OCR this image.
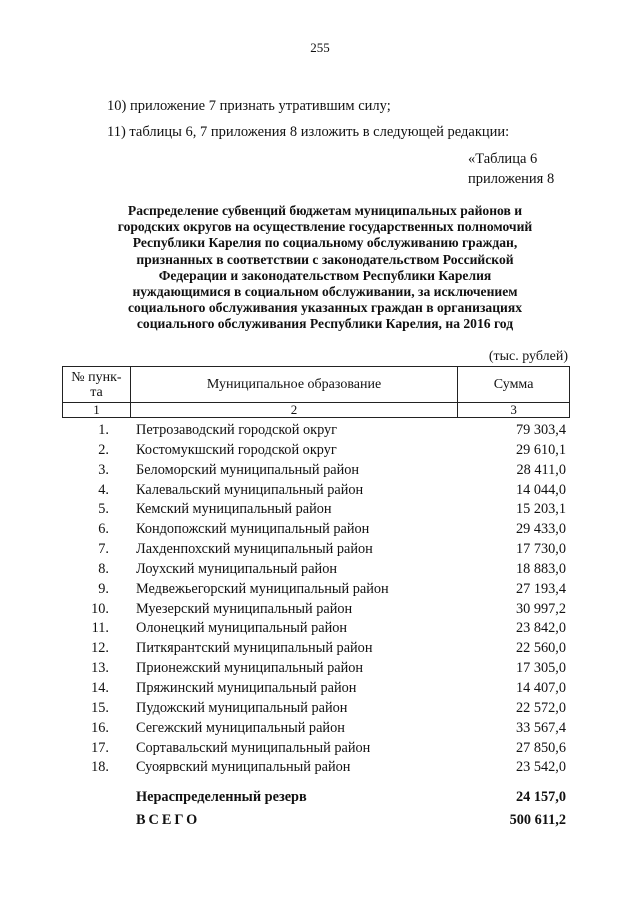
255
10) приложение 7 признать утратившим силу;
11) таблицы 6, 7 приложения 8 изложить в следующей редакции:
«Таблица 6
приложения 8
Распределение субвенций бюджетам муниципальных районов и
городских округов на осуществление государственных полномочий
Республики Карелия по социальному обслуживанию граждан,
признанных в соответствии с законодательством Российской
Федерации и законодательством Республики Карелия
нуждающимися в социальном обслуживании, за исключением
социального обслуживания указанных граждан в организациях
социального обслуживания Республики Карелия, на 2016 год
(тыс. рублей)
№ пунк-
та	Муниципальное образование	Сумма
1	2	3
1. Петрозаводский городской округ	79 303,4
2. Костомукшский городской округ	29 610,1
3. Беломорский муниципальный район	28 411,0
4. Калевальский муниципальный район	14 044,0
5. Кемский муниципальный район	15 203,1
6. Кондопожский муниципальный район	29 433,0
7. Лахденпохский муниципальный район	17 730,0
8. Лоухский муниципальный район	18 883,0
9. Медвежьегорский муниципальный район	27 193,4
10. Муезерский муниципальный район	30 997,2
11. Олонецкий муниципальный район	23 842,0
12. Питкярантский муниципальный район	22 560,0
13. Прионежский муниципальный район	17 305,0
14. Пряжинский муниципальный район	14 407,0
15. Пудожский муниципальный район	22 572,0
16. Сегежский муниципальный район	33 567,4
17. Сортавальский муниципальный район	27 850,6
18. Суоярвский муниципальный район	23 542,0
Нераспределенный резерв	24 157,0
ВСЕГО	500 611,2
